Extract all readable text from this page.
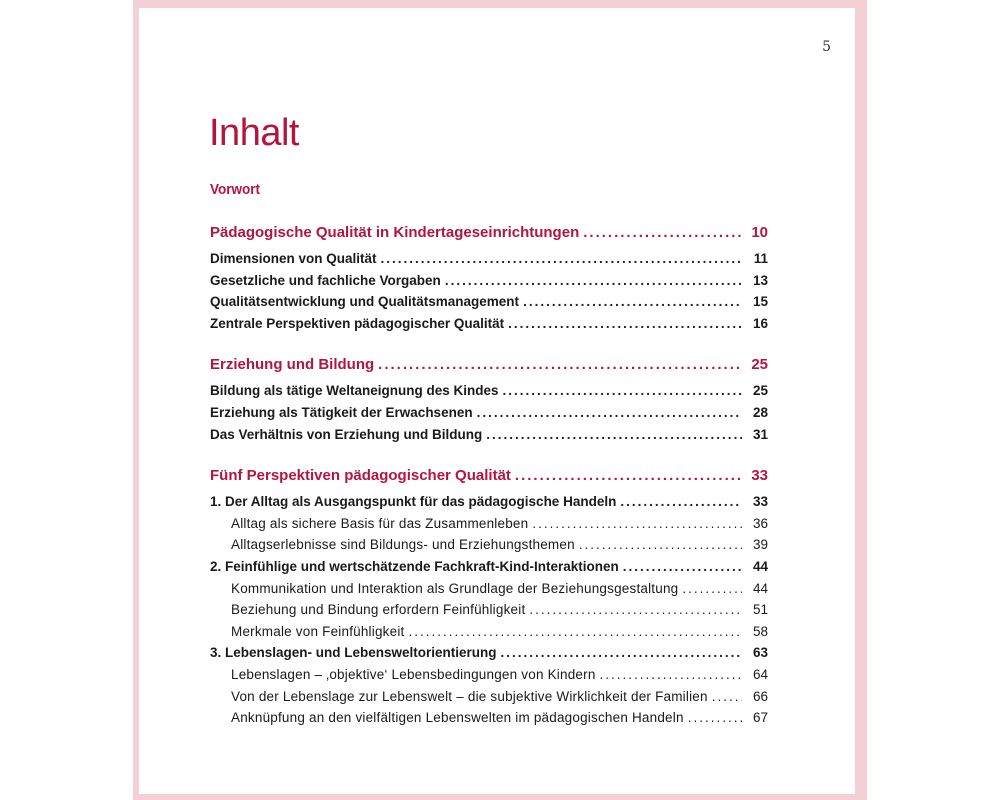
5
Inhalt
Vorwort
Pädagogische Qualität in Kindertageseinrichtungen .....	10
Dimensionen von Qualität .....	11
Gesetzliche und fachliche Vorgaben .....	13
Qualitätsentwicklung und Qualitätsmanagement .....	15
Zentrale Perspektiven pädagogischer Qualität .....	16
Erziehung und Bildung .....	25
Bildung als tätige Weltaneignung des Kindes .....	25
Erziehung als Tätigkeit der Erwachsenen .....	28
Das Verhältnis von Erziehung und Bildung .....	31
Fünf Perspektiven pädagogischer Qualität .....	33
1. Der Alltag als Ausgangspunkt für das pädagogische Handeln .....	33
Alltag als sichere Basis für das Zusammenleben .....	36
Alltagserlebnisse sind Bildungs- und Erziehungsthemen .....	39
2. Feinfühlige und wertschätzende Fachkraft-Kind-Interaktionen .....	44
Kommunikation und Interaktion als Grundlage der Beziehungsgestaltung .....	44
Beziehung und Bindung erfordern Feinfühligkeit .....	51
Merkmale von Feinfühligkeit .....	58
3. Lebenslagen- und Lebensweltorientierung .....	63
Lebenslagen – ‚objektive‘ Lebensbedingungen von Kindern .....	64
Von der Lebenslage zur Lebenswelt – die subjektive Wirklichkeit der Familien .....	66
Anknüpfung an den vielfältigen Lebenswelten im pädagogischen Handeln .....	67
